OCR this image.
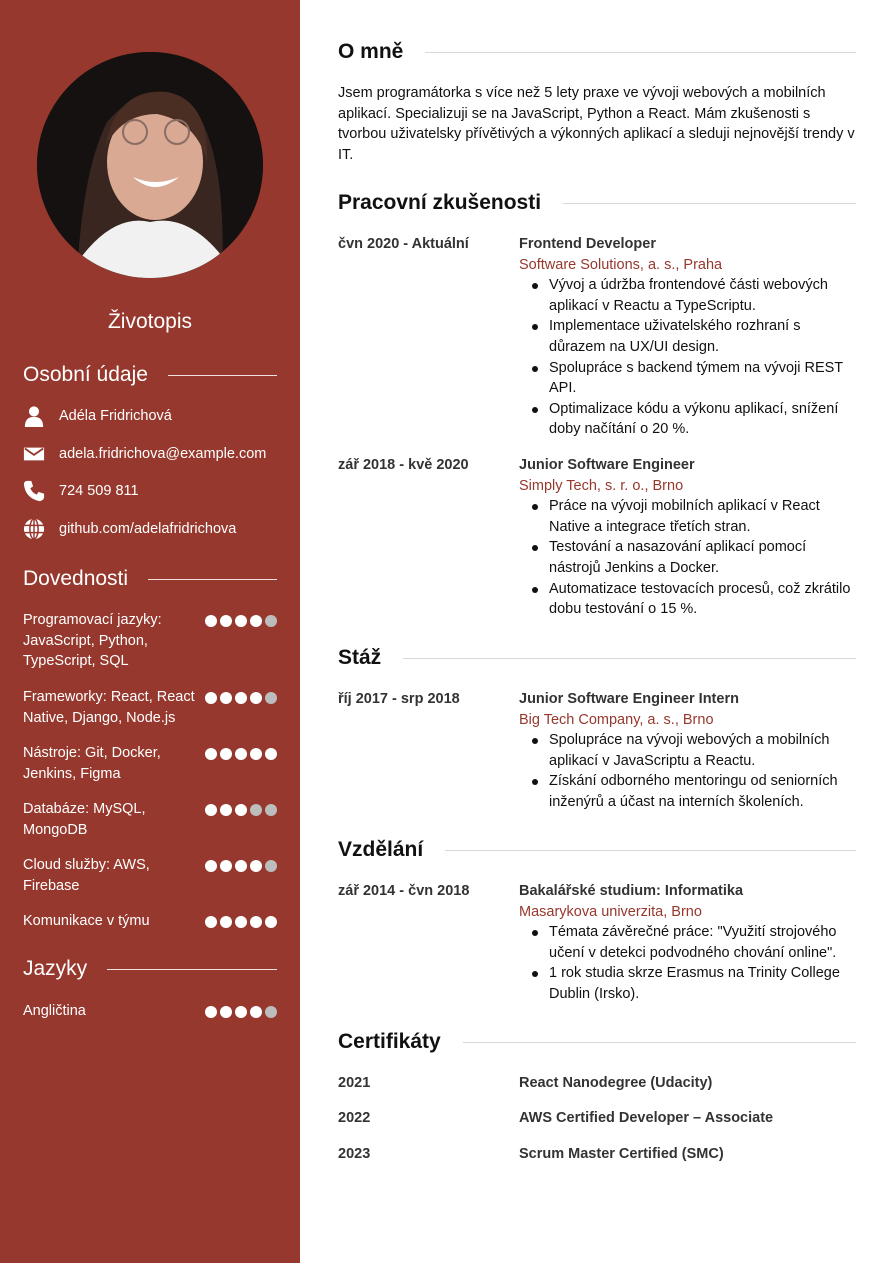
Životopis
Osobní údaje
Adéla Fridrichová
adela.fridrichova@example.com
724 509 811
github.com/adelafridrichova
Dovednosti
Programovací jazyky: JavaScript, Python, TypeScript, SQL
Frameworky: React, React Native, Django, Node.js
Nástroje: Git, Docker, Jenkins, Figma
Databáze: MySQL, MongoDB
Cloud služby: AWS, Firebase
Komunikace v týmu
Jazyky
Angličtina
O mně
Jsem programátorka s více než 5 lety praxe ve vývoji webových a mobilních aplikací. Specializuji se na JavaScript, Python a React. Mám zkušenosti s tvorbou uživatelsky přívětivých a výkonných aplikací a sleduji nejnovější trendy v IT.
Pracovní zkušenosti
čvn 2020 - Aktuální	Frontend Developer
Software Solutions, a. s., Praha
Vývoj a údržba frontendové části webových aplikací v Reactu a TypeScriptu.
Implementace uživatelského rozhraní s důrazem na UX/UI design.
Spolupráce s backend týmem na vývoji REST API.
Optimalizace kódu a výkonu aplikací, snížení doby načítání o 20 %.
zář 2018 - kvě 2020	Junior Software Engineer
Simply Tech, s. r. o., Brno
Práce na vývoji mobilních aplikací v React Native a integrace třetích stran.
Testování a nasazování aplikací pomocí nástrojů Jenkins a Docker.
Automatizace testovacích procesů, což zkrátilo dobu testování o 15 %.
Stáž
říj 2017 - srp 2018	Junior Software Engineer Intern
Big Tech Company, a. s., Brno
Spolupráce na vývoji webových a mobilních aplikací v JavaScriptu a Reactu.
Získání odborného mentoringu od seniorních inženýrů a účast na interních školeních.
Vzdělání
zář 2014 - čvn 2018	Bakalářské studium: Informatika
Masarykova univerzita, Brno
Témata závěrečné práce: "Využití strojového učení v detekci podvodného chování online".
1 rok studia skrze Erasmus na Trinity College Dublin (Irsko).
Certifikáty
2021	React Nanodegree (Udacity)
2022	AWS Certified Developer – Associate
2023	Scrum Master Certified (SMC)
